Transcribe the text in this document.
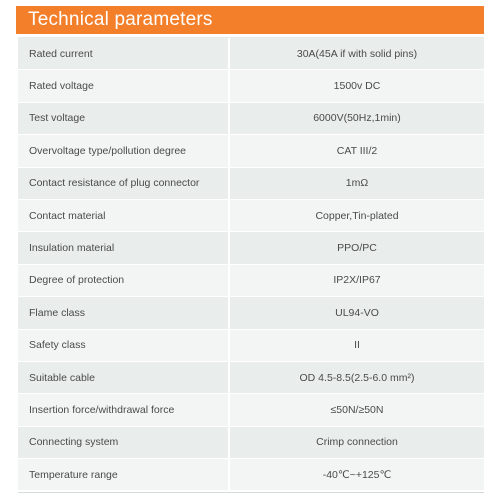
Technical parameters
Rated current	30A(45A if with solid pins)
Rated voltage	1500v DC
Test voltage	6000V(50Hz,1min)
Overvoltage type/pollution degree	CAT III/2
Contact resistance of plug connector	1mΩ
Contact material	Copper,Tin-plated
Insulation material	PPO/PC
Degree of protection	IP2X/IP67
Flame class	UL94-VO
Safety class	II
Suitable cable	OD 4.5-8.5(2.5-6.0 mm²)
Insertion force/withdrawal force	≤50N/≥50N
Connecting system	Crimp connection
Temperature range	-40℃~+125℃
